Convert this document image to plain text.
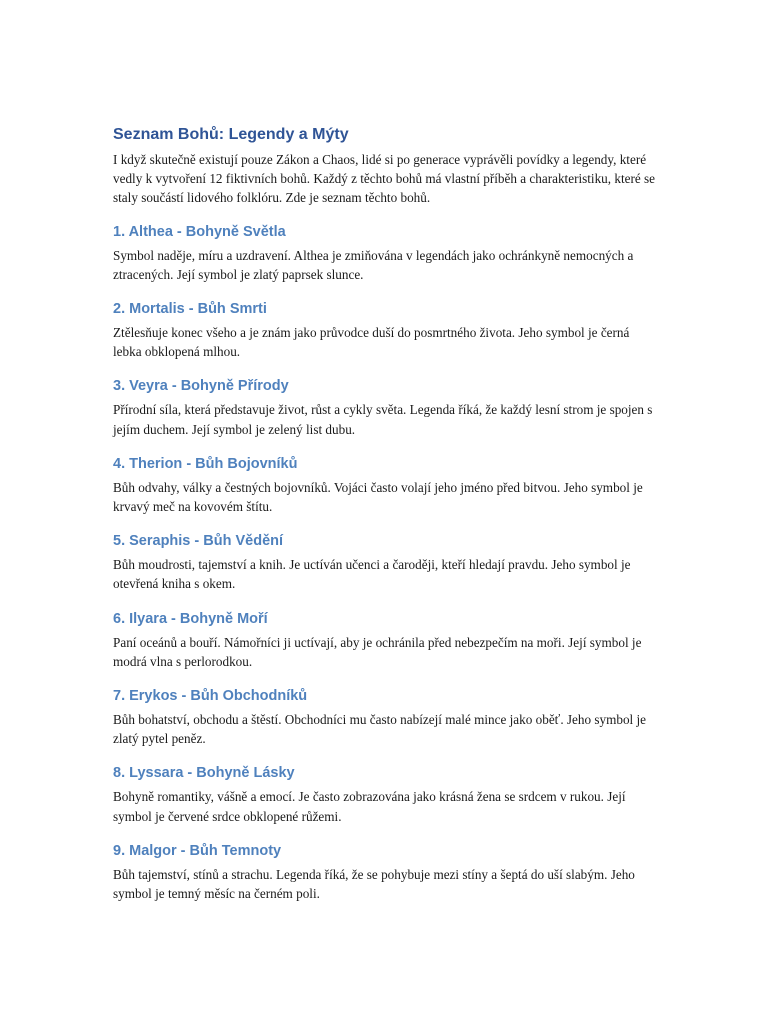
Seznam Bohů: Legendy a Mýty

I když skutečně existují pouze Zákon a Chaos, lidé si po generace vyprávěli povídky a legendy, které vedly k vytvoření 12 fiktivních bohů. Každý z těchto bohů má vlastní příběh a charakteristiku, které se staly součástí lidového folklóru. Zde je seznam těchto bohů.

1. Althea - Bohyně Světla

Symbol naděje, míru a uzdravení. Althea je zmiňována v legendách jako ochránkyně nemocných a ztracených. Její symbol je zlatý paprsek slunce.

2. Mortalis - Bůh Smrti

Ztělesňuje konec všeho a je znám jako průvodce duší do posmrtného života. Jeho symbol je černá lebka obklopená mlhou.

3. Veyra - Bohyně Přírody

Přírodní síla, která představuje život, růst a cykly světa. Legenda říká, že každý lesní strom je spojen s jejím duchem. Její symbol je zelený list dubu.

4. Therion - Bůh Bojovníků

Bůh odvahy, války a čestných bojovníků. Vojáci často volají jeho jméno před bitvou. Jeho symbol je krvavý meč na kovovém štítu.

5. Seraphis - Bůh Vědění

Bůh moudrosti, tajemství a knih. Je uctíván učenci a čaroději, kteří hledají pravdu. Jeho symbol je otevřená kniha s okem.

6. Ilyara - Bohyně Moří

Paní oceánů a bouří. Námořníci ji uctívají, aby je ochránila před nebezpečím na moři. Její symbol je modrá vlna s perlorodkou.

7. Erykos - Bůh Obchodníků

Bůh bohatství, obchodu a štěstí. Obchodníci mu často nabízejí malé mince jako oběť. Jeho symbol je zlatý pytel peněz.

8. Lyssara - Bohyně Lásky

Bohyně romantiky, vášně a emocí. Je často zobrazována jako krásná žena se srdcem v rukou. Její symbol je červené srdce obklopené růžemi.

9. Malgor - Bůh Temnoty

Bůh tajemství, stínů a strachu. Legenda říká, že se pohybuje mezi stíny a šeptá do uší slabým. Jeho symbol je temný měsíc na černém poli.
